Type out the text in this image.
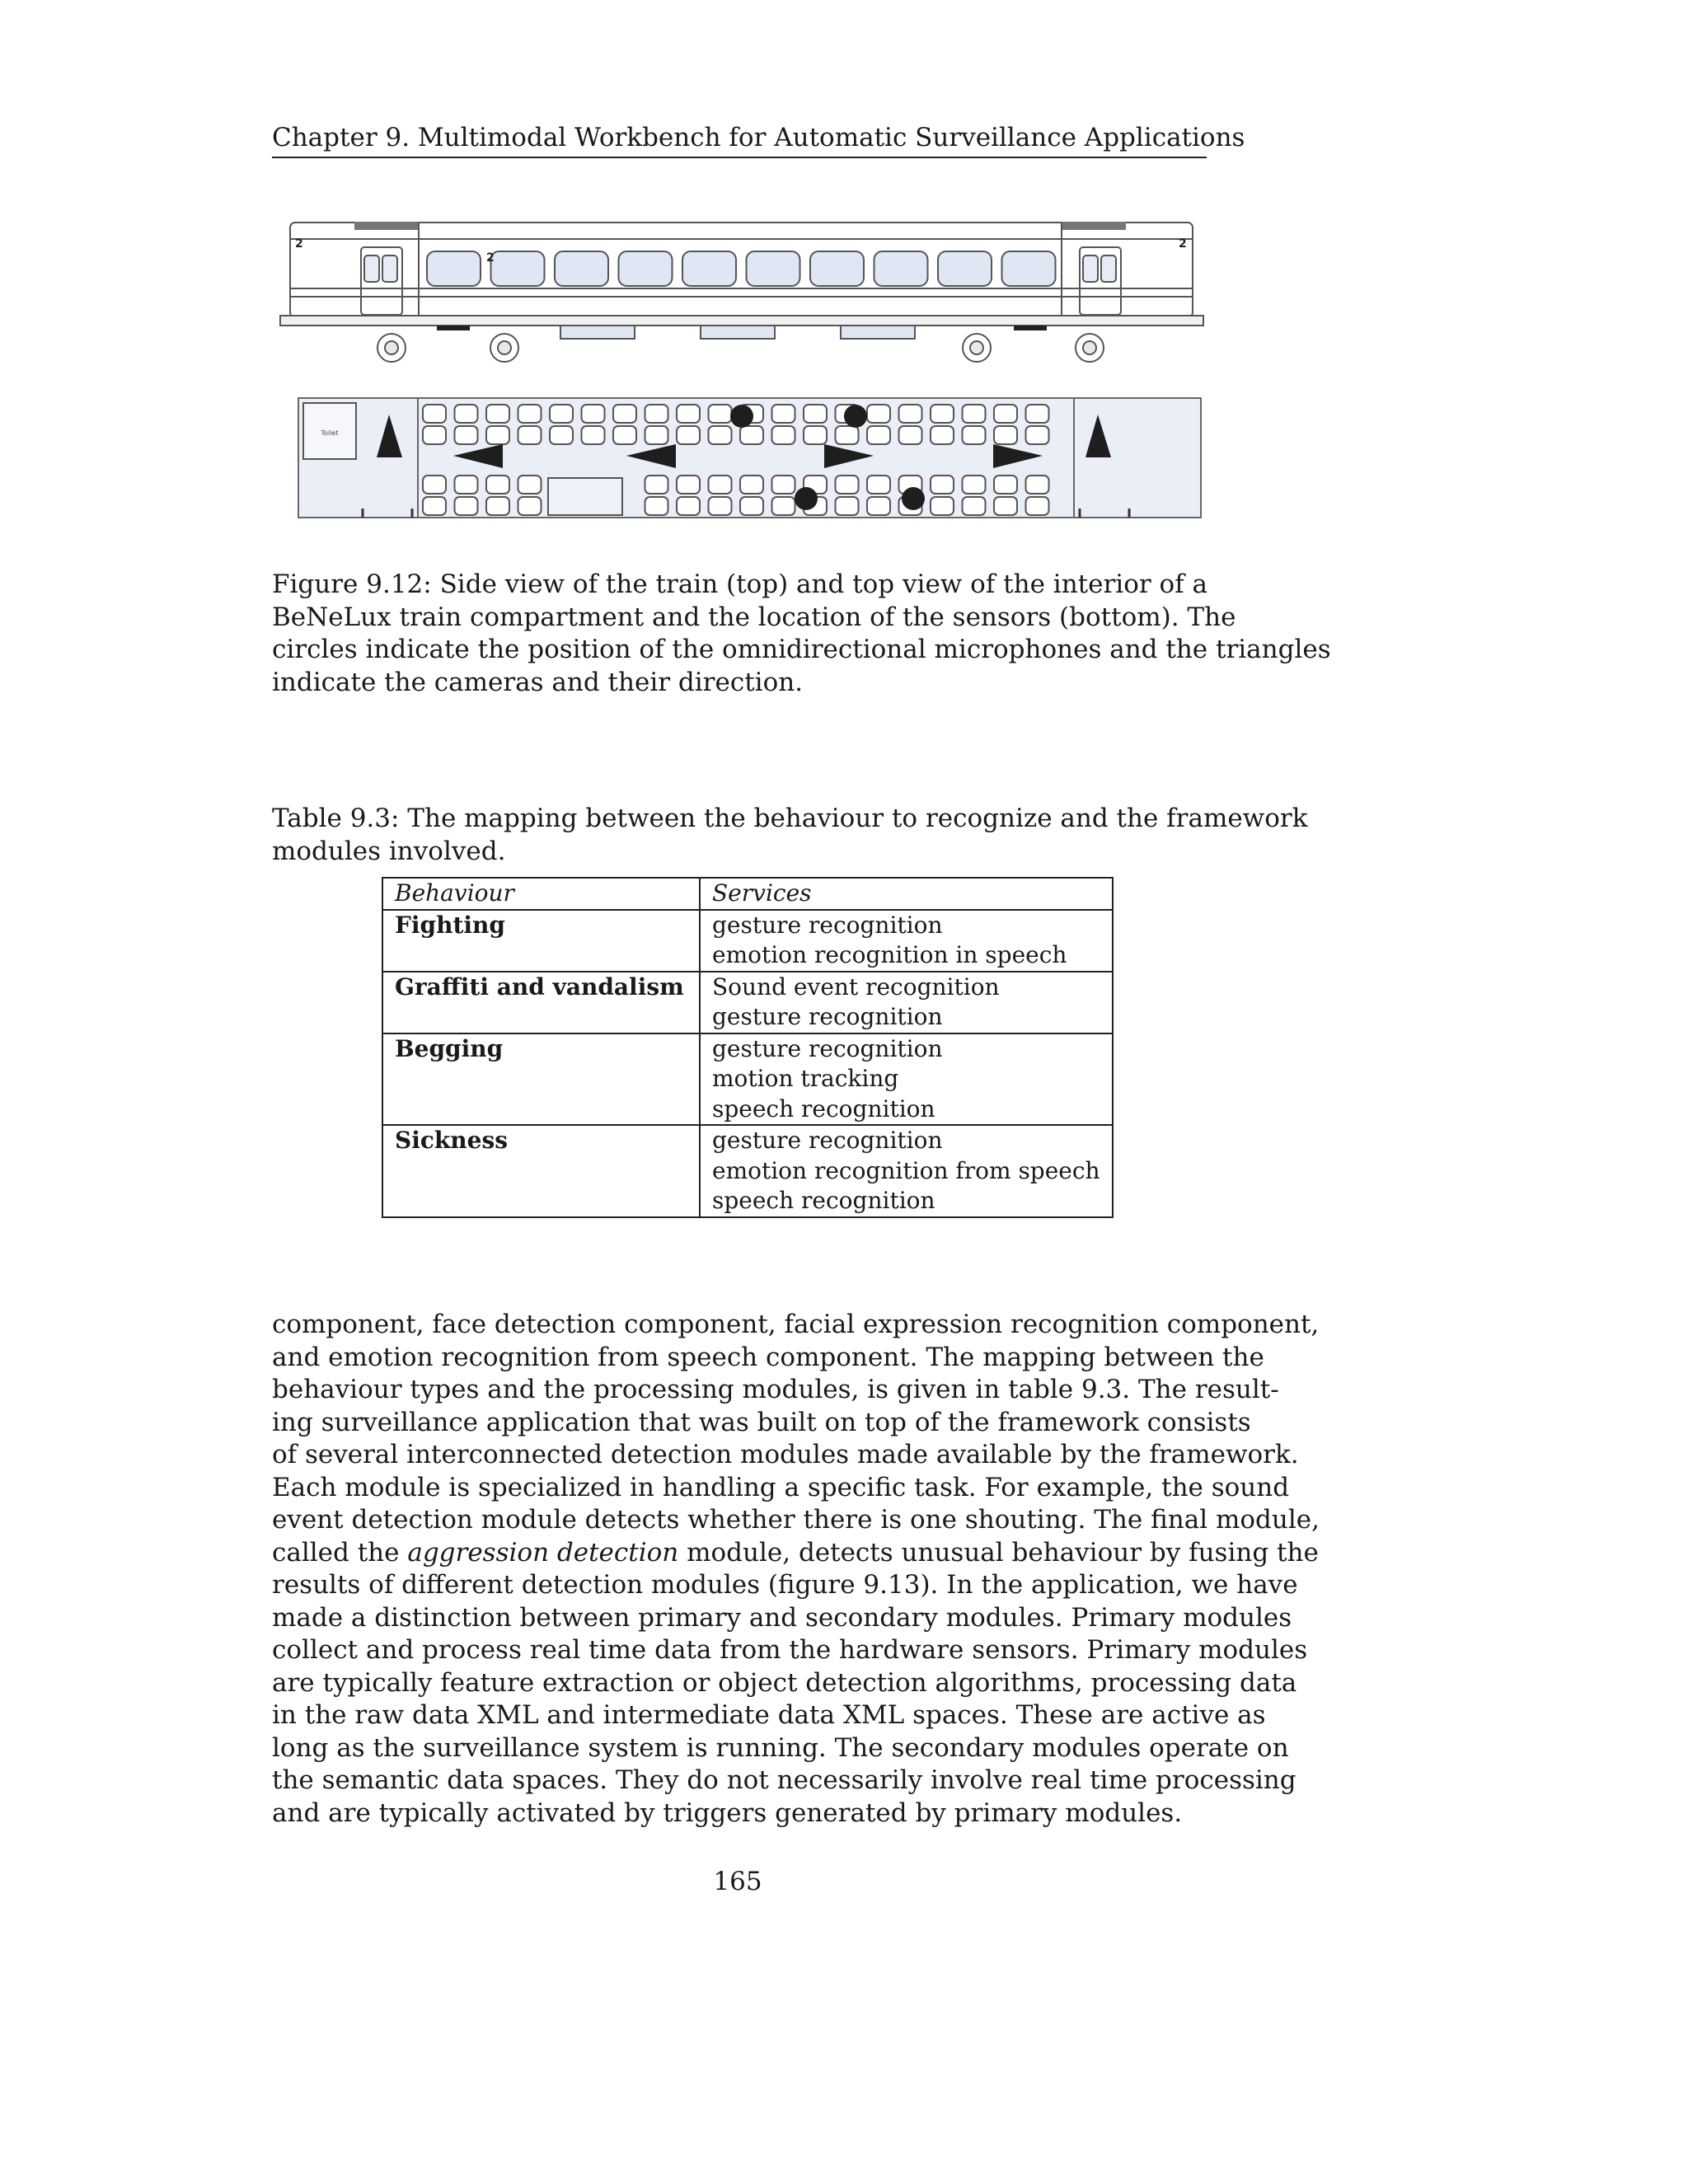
Chapter 9. Multimodal Workbench for Automatic Surveillance Applications
2
2
2
Toilet
Figure 9.12: Side view of the train (top) and top view of the interior of a
BeNeLux train compartment and the location of the sensors (bottom). The
circles indicate the position of the omnidirectional microphones and the triangles
indicate the cameras and their direction.
Table 9.3: The mapping between the behaviour to recognize and the framework
modules involved.
Behaviour	Services
Fighting	gesture recognition
emotion recognition in speech

Graffiti and vandalism	Sound event recognition
gesture recognition

Begging	gesture recognition
motion tracking
speech recognition

Sickness	gesture recognition
emotion recognition from speech
speech recognition
component, face detection component, facial expression recognition component,
and emotion recognition from speech component. The mapping between the
behaviour types and the processing modules, is given in table 9.3. The result-
ing surveillance application that was built on top of the framework consists
of several interconnected detection modules made available by the framework.
Each module is specialized in handling a specific task. For example, the sound
event detection module detects whether there is one shouting. The final module,
called the aggression detection module, detects unusual behaviour by fusing the
results of different detection modules (figure 9.13). In the application, we have
made a distinction between primary and secondary modules. Primary modules
collect and process real time data from the hardware sensors. Primary modules
are typically feature extraction or object detection algorithms, processing data
in the raw data XML and intermediate data XML spaces. These are active as
long as the surveillance system is running. The secondary modules operate on
the semantic data spaces. They do not necessarily involve real time processing
and are typically activated by triggers generated by primary modules.
165
